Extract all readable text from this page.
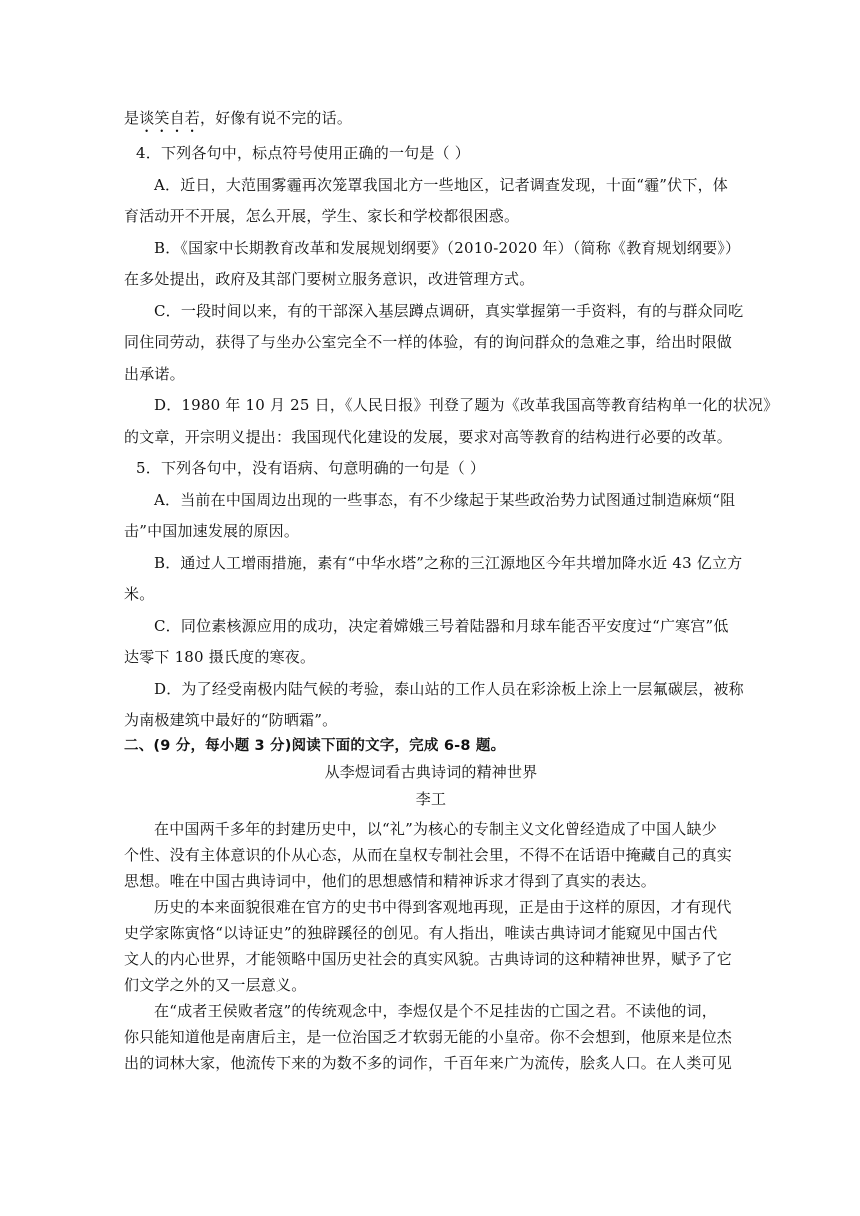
是谈笑自若，好像有说不完的话。
4．下列各句中，标点符号使用正确的一句是（ ）
A．近日，大范围雾霾再次笼罩我国北方一些地区，记者调查发现，十面“霾”伏下，体
育活动开不开展，怎么开展，学生、家长和学校都很困惑。
B．《国家中长期教育改革和发展规划纲要》（2010-2020 年）（简称《教育规划纲要》）
在多处提出，政府及其部门要树立服务意识，改进管理方式。
C．一段时间以来，有的干部深入基层蹲点调研，真实掌握第一手资料，有的与群众同吃
同住同劳动，获得了与坐办公室完全不一样的体验，有的询问群众的急难之事，给出时限做
出承诺。
D．1980 年 10 月 25 日，《人民日报》刊登了题为《改革我国高等教育结构单一化的状况》
的文章，开宗明义提出：我国现代化建设的发展，要求对高等教育的结构进行必要的改革。
5．下列各句中，没有语病、句意明确的一句是（ ）
A．当前在中国周边出现的一些事态，有不少缘起于某些政治势力试图通过制造麻烦“阻
击”中国加速发展的原因。
B．通过人工增雨措施，素有“中华水塔”之称的三江源地区今年共增加降水近 43 亿立方
米。
C．同位素核源应用的成功，决定着嫦娥三号着陆器和月球车能否平安度过“广寒宫”低
达零下 180 摄氏度的寒夜。
D．为了经受南极内陆气候的考验，泰山站的工作人员在彩涂板上涂上一层氟碳层，被称
为南极建筑中最好的“防晒霜”。
二、(9 分，每小题 3 分)阅读下面的文字，完成 6-8 题。
从李煜词看古典诗词的精神世界
李工
在中国两千多年的封建历史中，以“礼”为核心的专制主义文化曾经造成了中国人缺少
个性、没有主体意识的仆从心态，从而在皇权专制社会里，不得不在话语中掩藏自己的真实
思想。唯在中国古典诗词中，他们的思想感情和精神诉求才得到了真实的表达。
历史的本来面貌很难在官方的史书中得到客观地再现，正是由于这样的原因，才有现代
史学家陈寅恪“以诗证史”的独辟蹊径的创见。有人指出，唯读古典诗词才能窥见中国古代
文人的内心世界，才能领略中国历史社会的真实风貌。古典诗词的这种精神世界，赋予了它
们文学之外的又一层意义。
在“成者王侯败者寇”的传统观念中，李煜仅是个不足挂齿的亡国之君。不读他的词，
你只能知道他是南唐后主，是一位治国乏才软弱无能的小皇帝。你不会想到，他原来是位杰
出的词林大家，他流传下来的为数不多的词作，千百年来广为流传，脍炙人口。在人类可见
